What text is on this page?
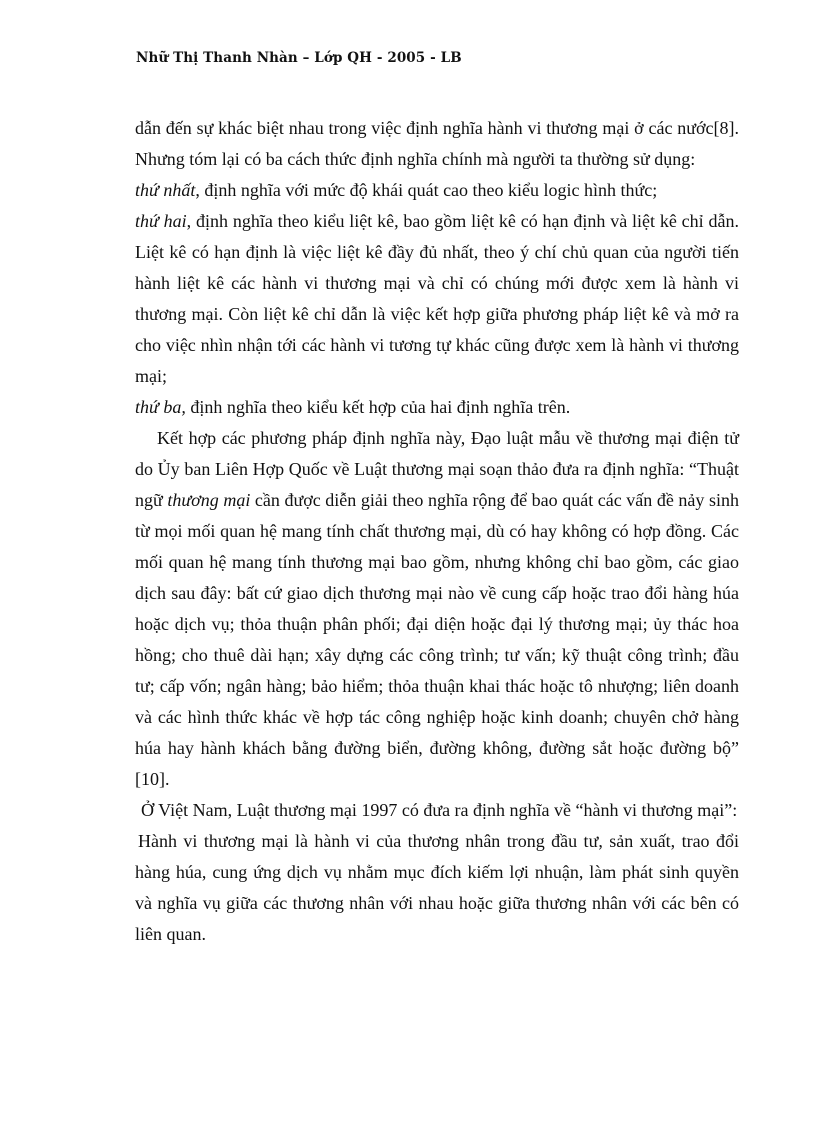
Nhữ Thị Thanh Nhàn – Lớp QH - 2005 - LB

dẫn đến sự khác biệt nhau trong việc định nghĩa hành vi thương mại ở các nước[8]. Nhưng tóm lại có ba cách thức định nghĩa chính mà người ta thường sử dụng:

thứ nhất, định nghĩa với mức độ khái quát cao theo kiểu logic hình thức;

thứ hai, định nghĩa theo kiểu liệt kê, bao gồm liệt kê có hạn định và liệt kê chỉ dẫn. Liệt kê có hạn định là việc liệt kê đầy đủ nhất, theo ý chí chủ quan của người tiến hành liệt kê các hành vi thương mại và chỉ có chúng mới được xem là hành vi thương mại. Còn liệt kê chỉ dẫn là việc kết hợp giữa phương pháp liệt kê và mở ra cho việc nhìn nhận tới các hành vi tương tự khác cũng được xem là hành vi thương mại;

thứ ba, định nghĩa theo kiểu kết hợp của hai định nghĩa trên.

Kết hợp các phương pháp định nghĩa này, Đạo luật mẫu về thương mại điện tử do Ủy ban Liên Hợp Quốc về Luật thương mại soạn thảo đưa ra định nghĩa: “Thuật ngữ thương mại cần được diễn giải theo nghĩa rộng để bao quát các vấn đề nảy sinh từ mọi mối quan hệ mang tính chất thương mại, dù có hay không có hợp đồng. Các mối quan hệ mang tính thương mại bao gồm, nhưng không chỉ bao gồm, các giao dịch sau đây: bất cứ giao dịch thương mại nào về cung cấp hoặc trao đổi hàng húa hoặc dịch vụ; thỏa thuận phân phối; đại diện hoặc đại lý thương mại; ủy thác hoa hồng; cho thuê dài hạn; xây dựng các công trình; tư vấn; kỹ thuật công trình; đầu tư; cấp vốn; ngân hàng; bảo hiểm; thỏa thuận khai thác hoặc tô nhượng; liên doanh và các hình thức khác về hợp tác công nghiệp hoặc kinh doanh; chuyên chở hàng húa hay hành khách bằng đường biển, đường không, đường sắt hoặc đường bộ” [10].

Ở Việt Nam, Luật thương mại 1997 có đưa ra định nghĩa về “hành vi thương mại”:

Hành vi thương mại là hành vi của thương nhân trong đầu tư, sản xuất, trao đổi hàng húa, cung ứng dịch vụ nhằm mục đích kiếm lợi nhuận, làm phát sinh quyền và nghĩa vụ giữa các thương nhân với nhau hoặc giữa thương nhân với các bên có liên quan.
